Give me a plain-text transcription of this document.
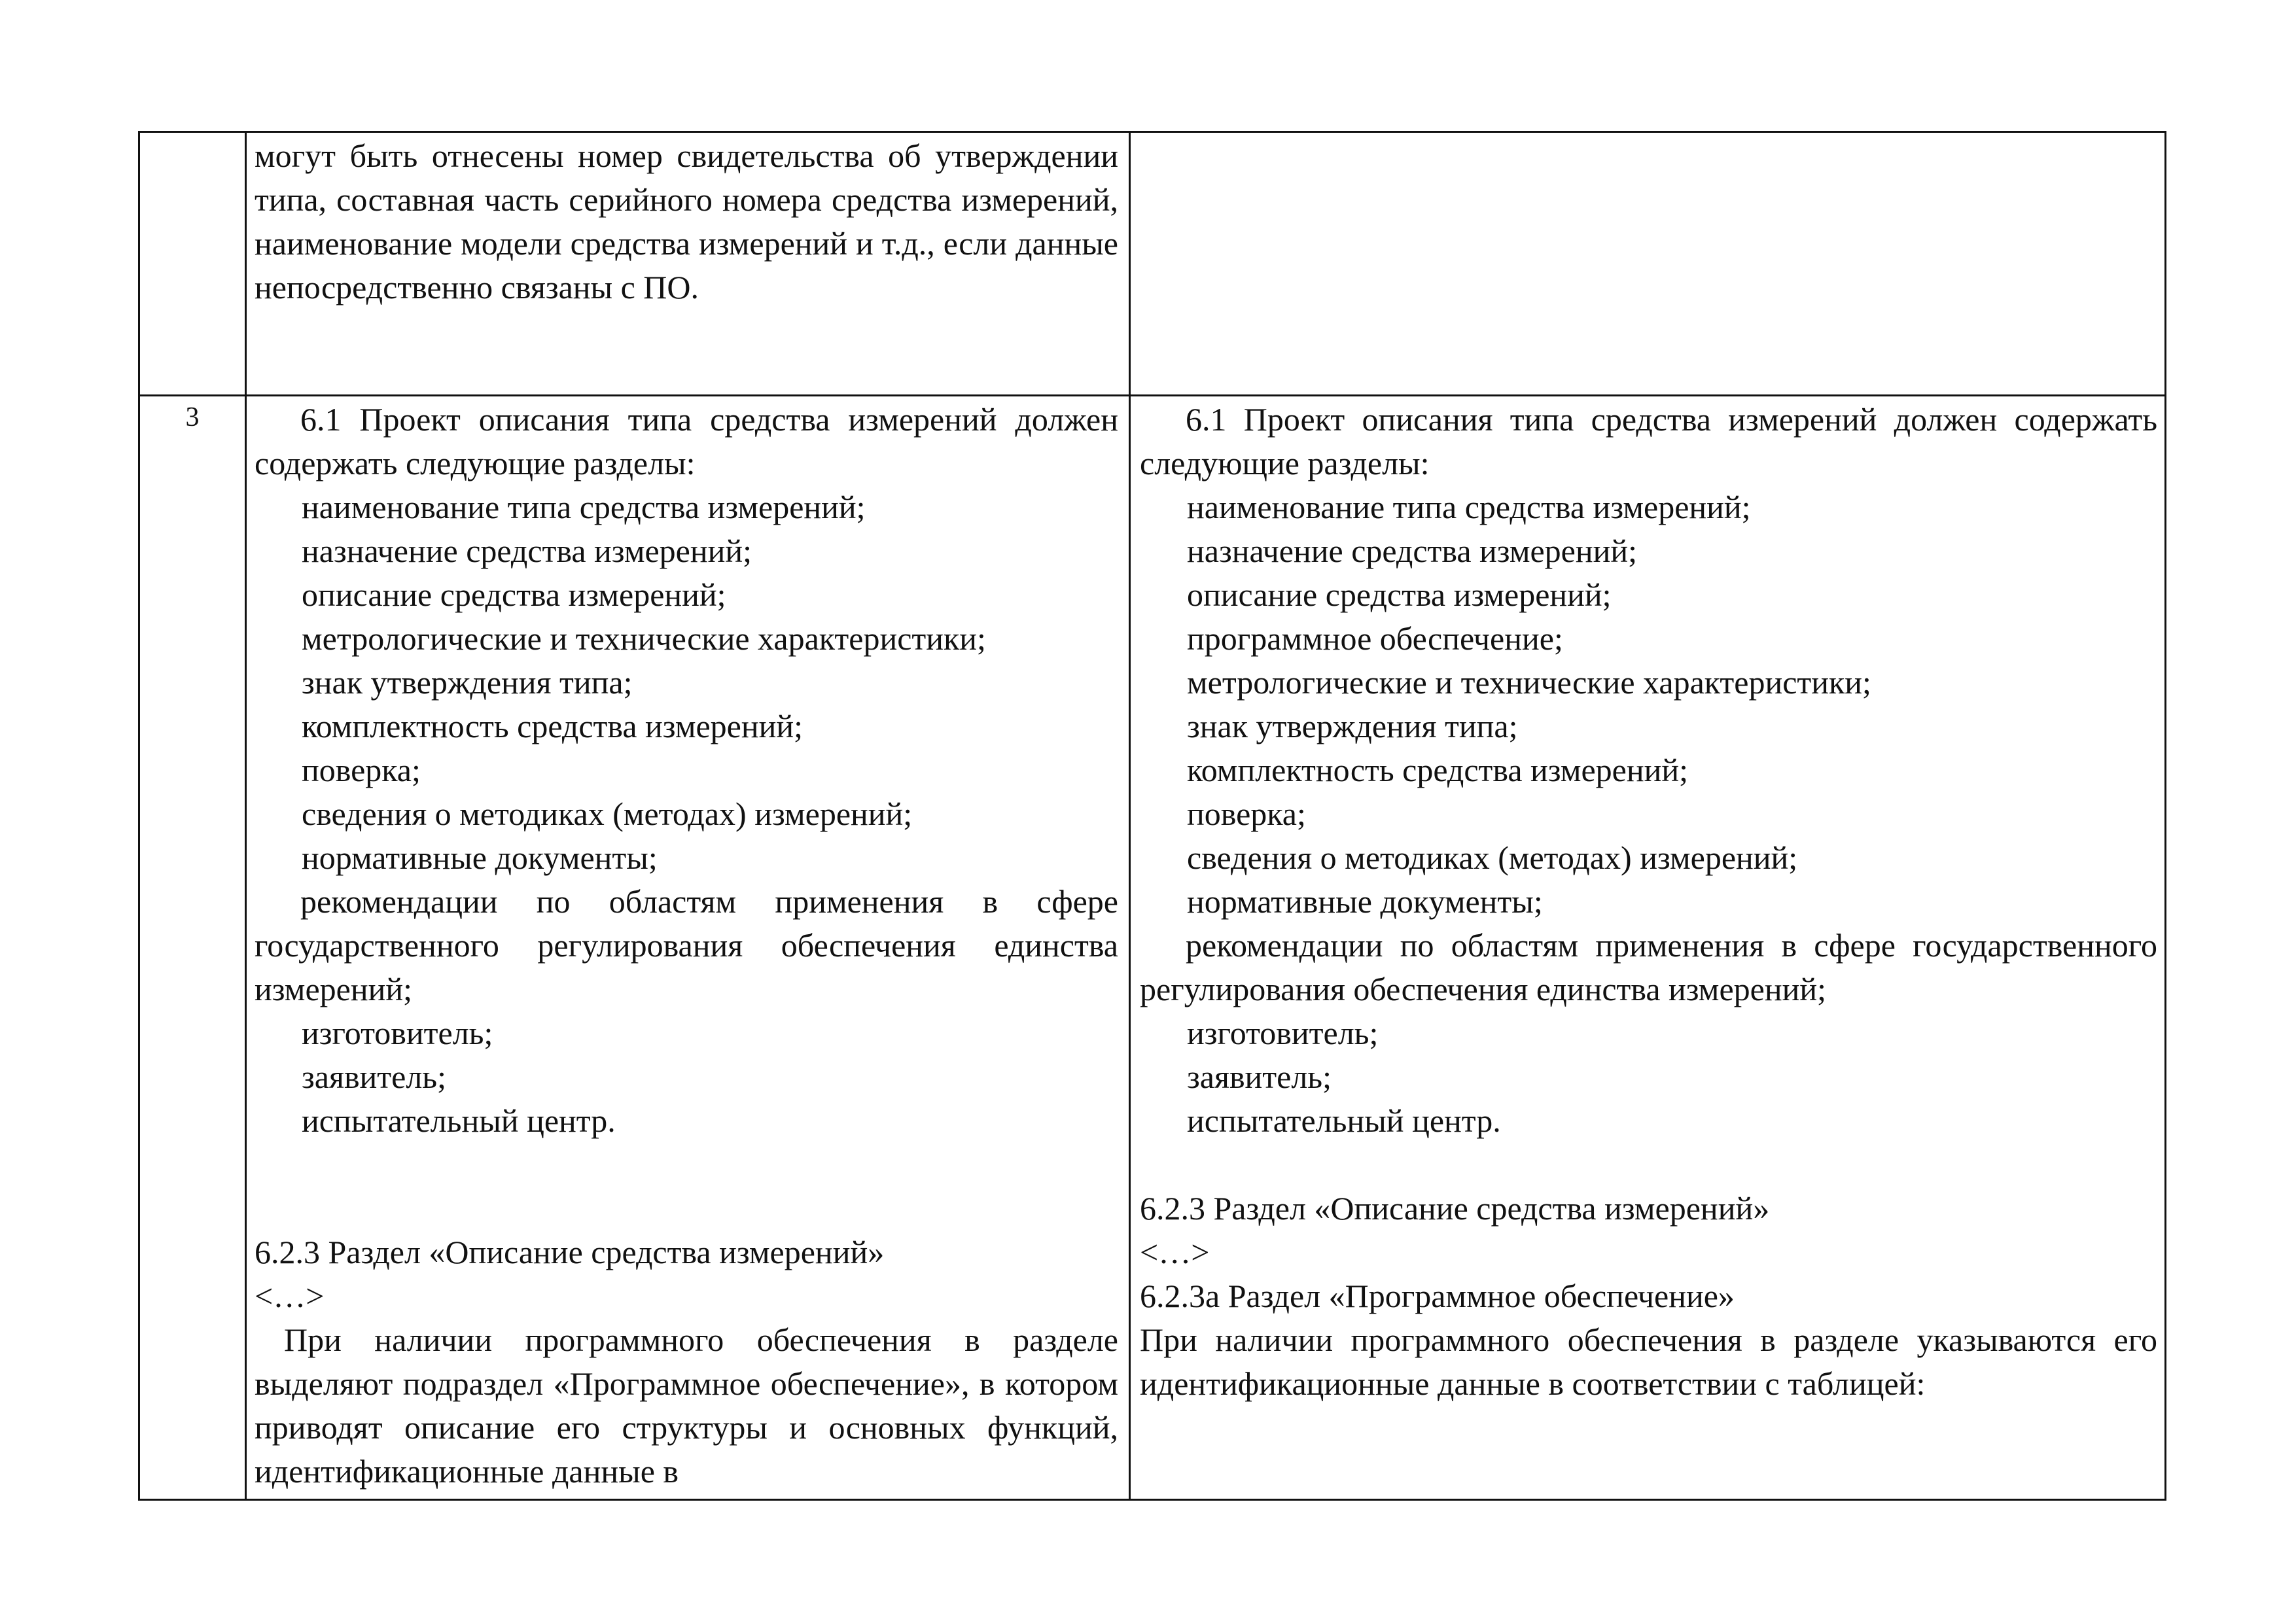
могут быть отнесены номер свидетельства об утверждении типа, составная часть серийного номера средства измерений, наименование модели средства измерений и т.д., если данные непосредственно связаны с ПО.

3	6.1 Проект описания типа средства измерений должен содержать следующие разделы:

наименование типа средства измерений;

назначение средства измерений;

описание средства измерений;

метрологические и технические характеристики;

знак утверждения типа;

комплектность средства измерений;

поверка;

сведения о методиках (методах) измерений;

нормативные документы;

рекомендации по областям применения в сфере государственного регулирования обеспечения единства измерений;

изготовитель;

заявитель;

испытательный центр.

6.2.3 Раздел «Описание средства измерений»

<…>

При наличии программного обеспечения в разделе выделяют подраздел «Программное обеспечение», в котором приводят описание его структуры и основных функций, идентификационные данные в

6.1 Проект описания типа средства измерений должен содержать следующие разделы:

наименование типа средства измерений;

назначение средства измерений;

описание средства измерений;

программное обеспечение;

метрологические и технические характеристики;

знак утверждения типа;

комплектность средства измерений;

поверка;

сведения о методиках (методах) измерений;

нормативные документы;

рекомендации по областям применения в сфере государственного регулирования обеспечения единства измерений;

изготовитель;

заявитель;

испытательный центр.

6.2.3 Раздел «Описание средства измерений»

<…>

6.2.3а Раздел «Программное обеспечение»

При наличии программного обеспечения в разделе указываются его идентификационные данные в соответствии с таблицей:
